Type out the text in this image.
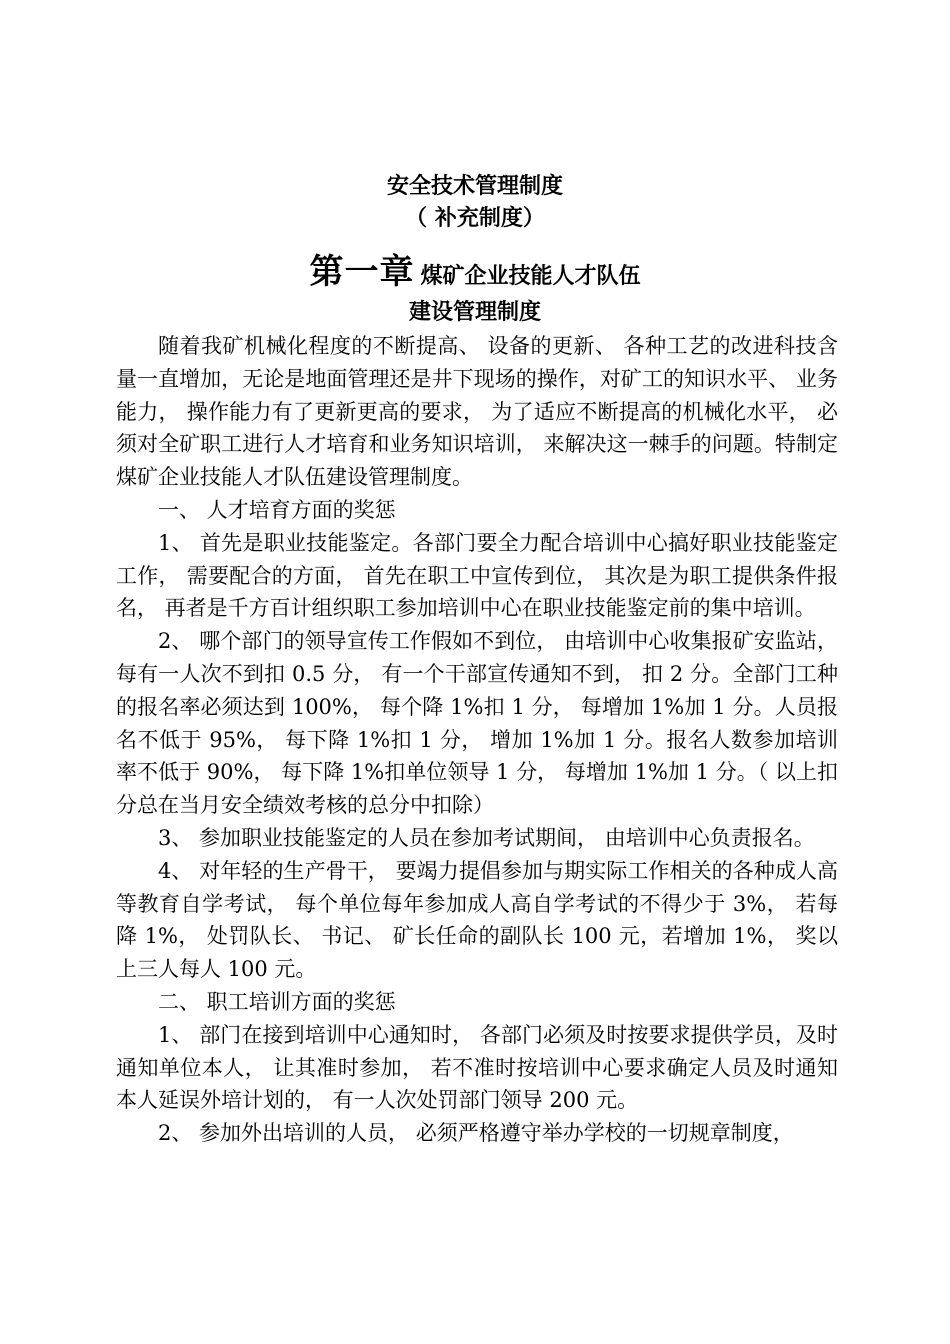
安全技术管理制度
（ 补充制度）
第一章 煤矿企业技能人才队伍
建设管理制度

随着我矿机械化程度的不断提高、 设备的更新、 各种工艺的改进科技含量一直增加，无论是地面管理还是井下现场的操作，对矿工的知识水平、 业务能力， 操作能力有了更新更高的要求， 为了适应不断提高的机械化水平， 必须对全矿职工进行人才培育和业务知识培训， 来解决这一棘手的问题。特制定煤矿企业技能人才队伍建设管理制度。

一、 人才培育方面的奖惩

1、 首先是职业技能鉴定。各部门要全力配合培训中心搞好职业技能鉴定工作， 需要配合的方面， 首先在职工中宣传到位， 其次是为职工提供条件报名， 再者是千方百计组织职工参加培训中心在职业技能鉴定前的集中培训。

2、 哪个部门的领导宣传工作假如不到位， 由培训中心收集报矿安监站， 每有一人次不到扣 0.5 分， 有一个干部宣传通知不到， 扣 2 分。全部门工种的报名率必须达到 100%， 每个降 1%扣 1 分， 每增加 1%加 1 分。人员报名不低于 95%， 每下降 1%扣 1 分， 增加 1%加 1 分。报名人数参加培训率不低于 90%， 每下降 1%扣单位领导 1 分， 每增加 1%加 1 分。（ 以上扣分总在当月安全绩效考核的总分中扣除）

3、 参加职业技能鉴定的人员在参加考试期间， 由培训中心负责报名。

4、 对年轻的生产骨干， 要竭力提倡参加与期实际工作相关的各种成人高等教育自学考试， 每个单位每年参加成人高自学考试的不得少于 3%， 若每降 1%， 处罚队长、 书记、 矿长任命的副队长 100 元，若增加 1%， 奖以上三人每人 100 元。

二、 职工培训方面的奖惩

1、 部门在接到培训中心通知时， 各部门必须及时按要求提供学员，及时通知单位本人， 让其准时参加， 若不准时按培训中心要求确定人员及时通知本人延误外培计划的， 有一人次处罚部门领导 200 元。

2、 参加外出培训的人员， 必须严格遵守举办学校的一切规章制度，
